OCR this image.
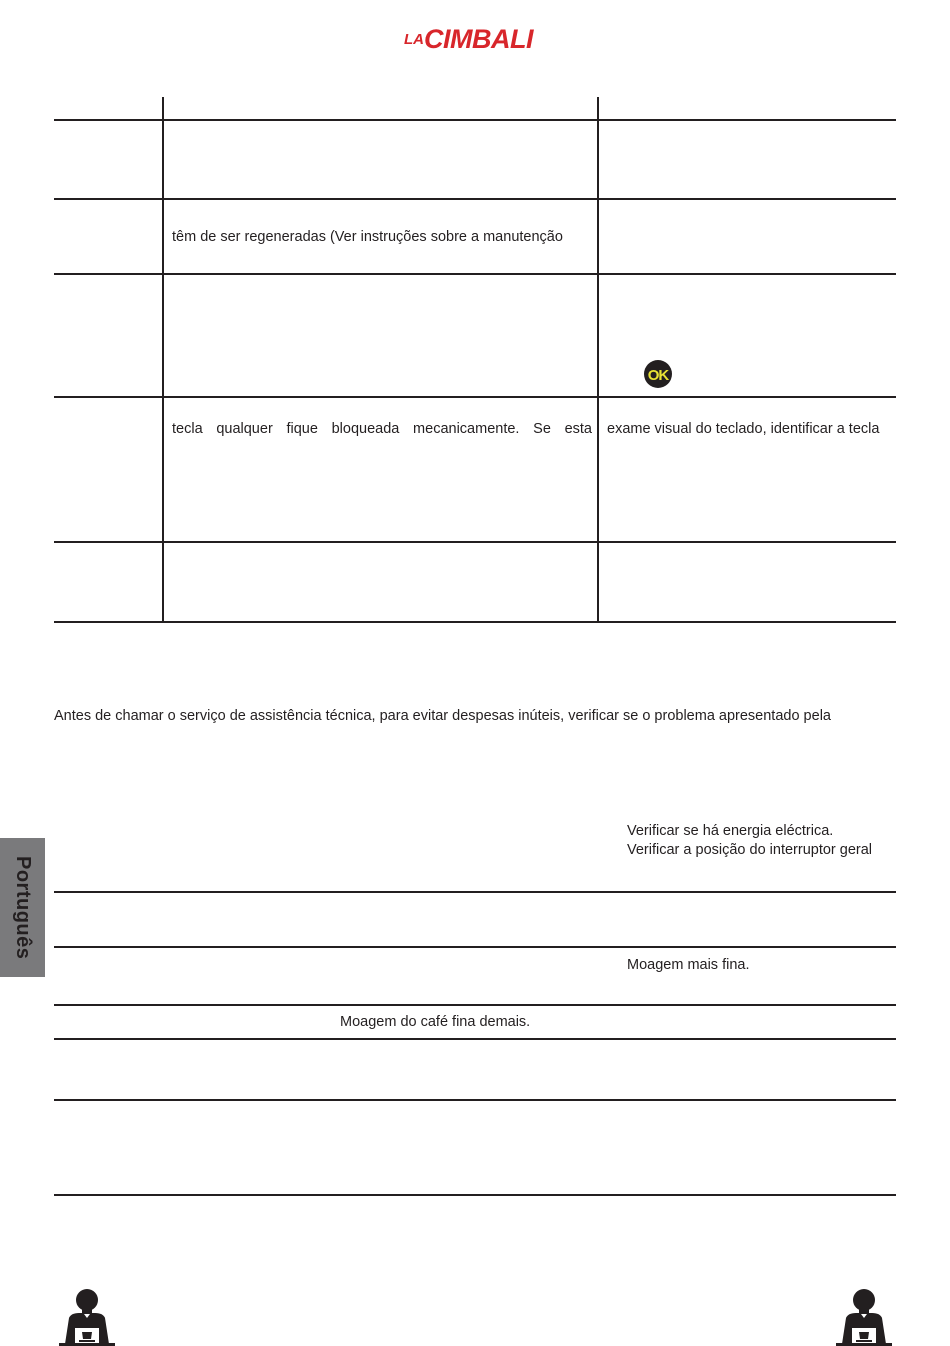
LA CIMBALI
têm de ser regeneradas (Ver instruções sobre a manutenção
OK
tecla qualquer fique bloqueada mecanicamente. Se esta exame visual do teclado, identificar a tecla
Antes de chamar o serviço de assistência técnica, para evitar despesas inúteis, verificar se o problema apresentado pela
Verificar se há energia eléctrica.
Verificar a posição do interruptor geral
Moagem mais fina.
Moagem do café fina demais.
Português
